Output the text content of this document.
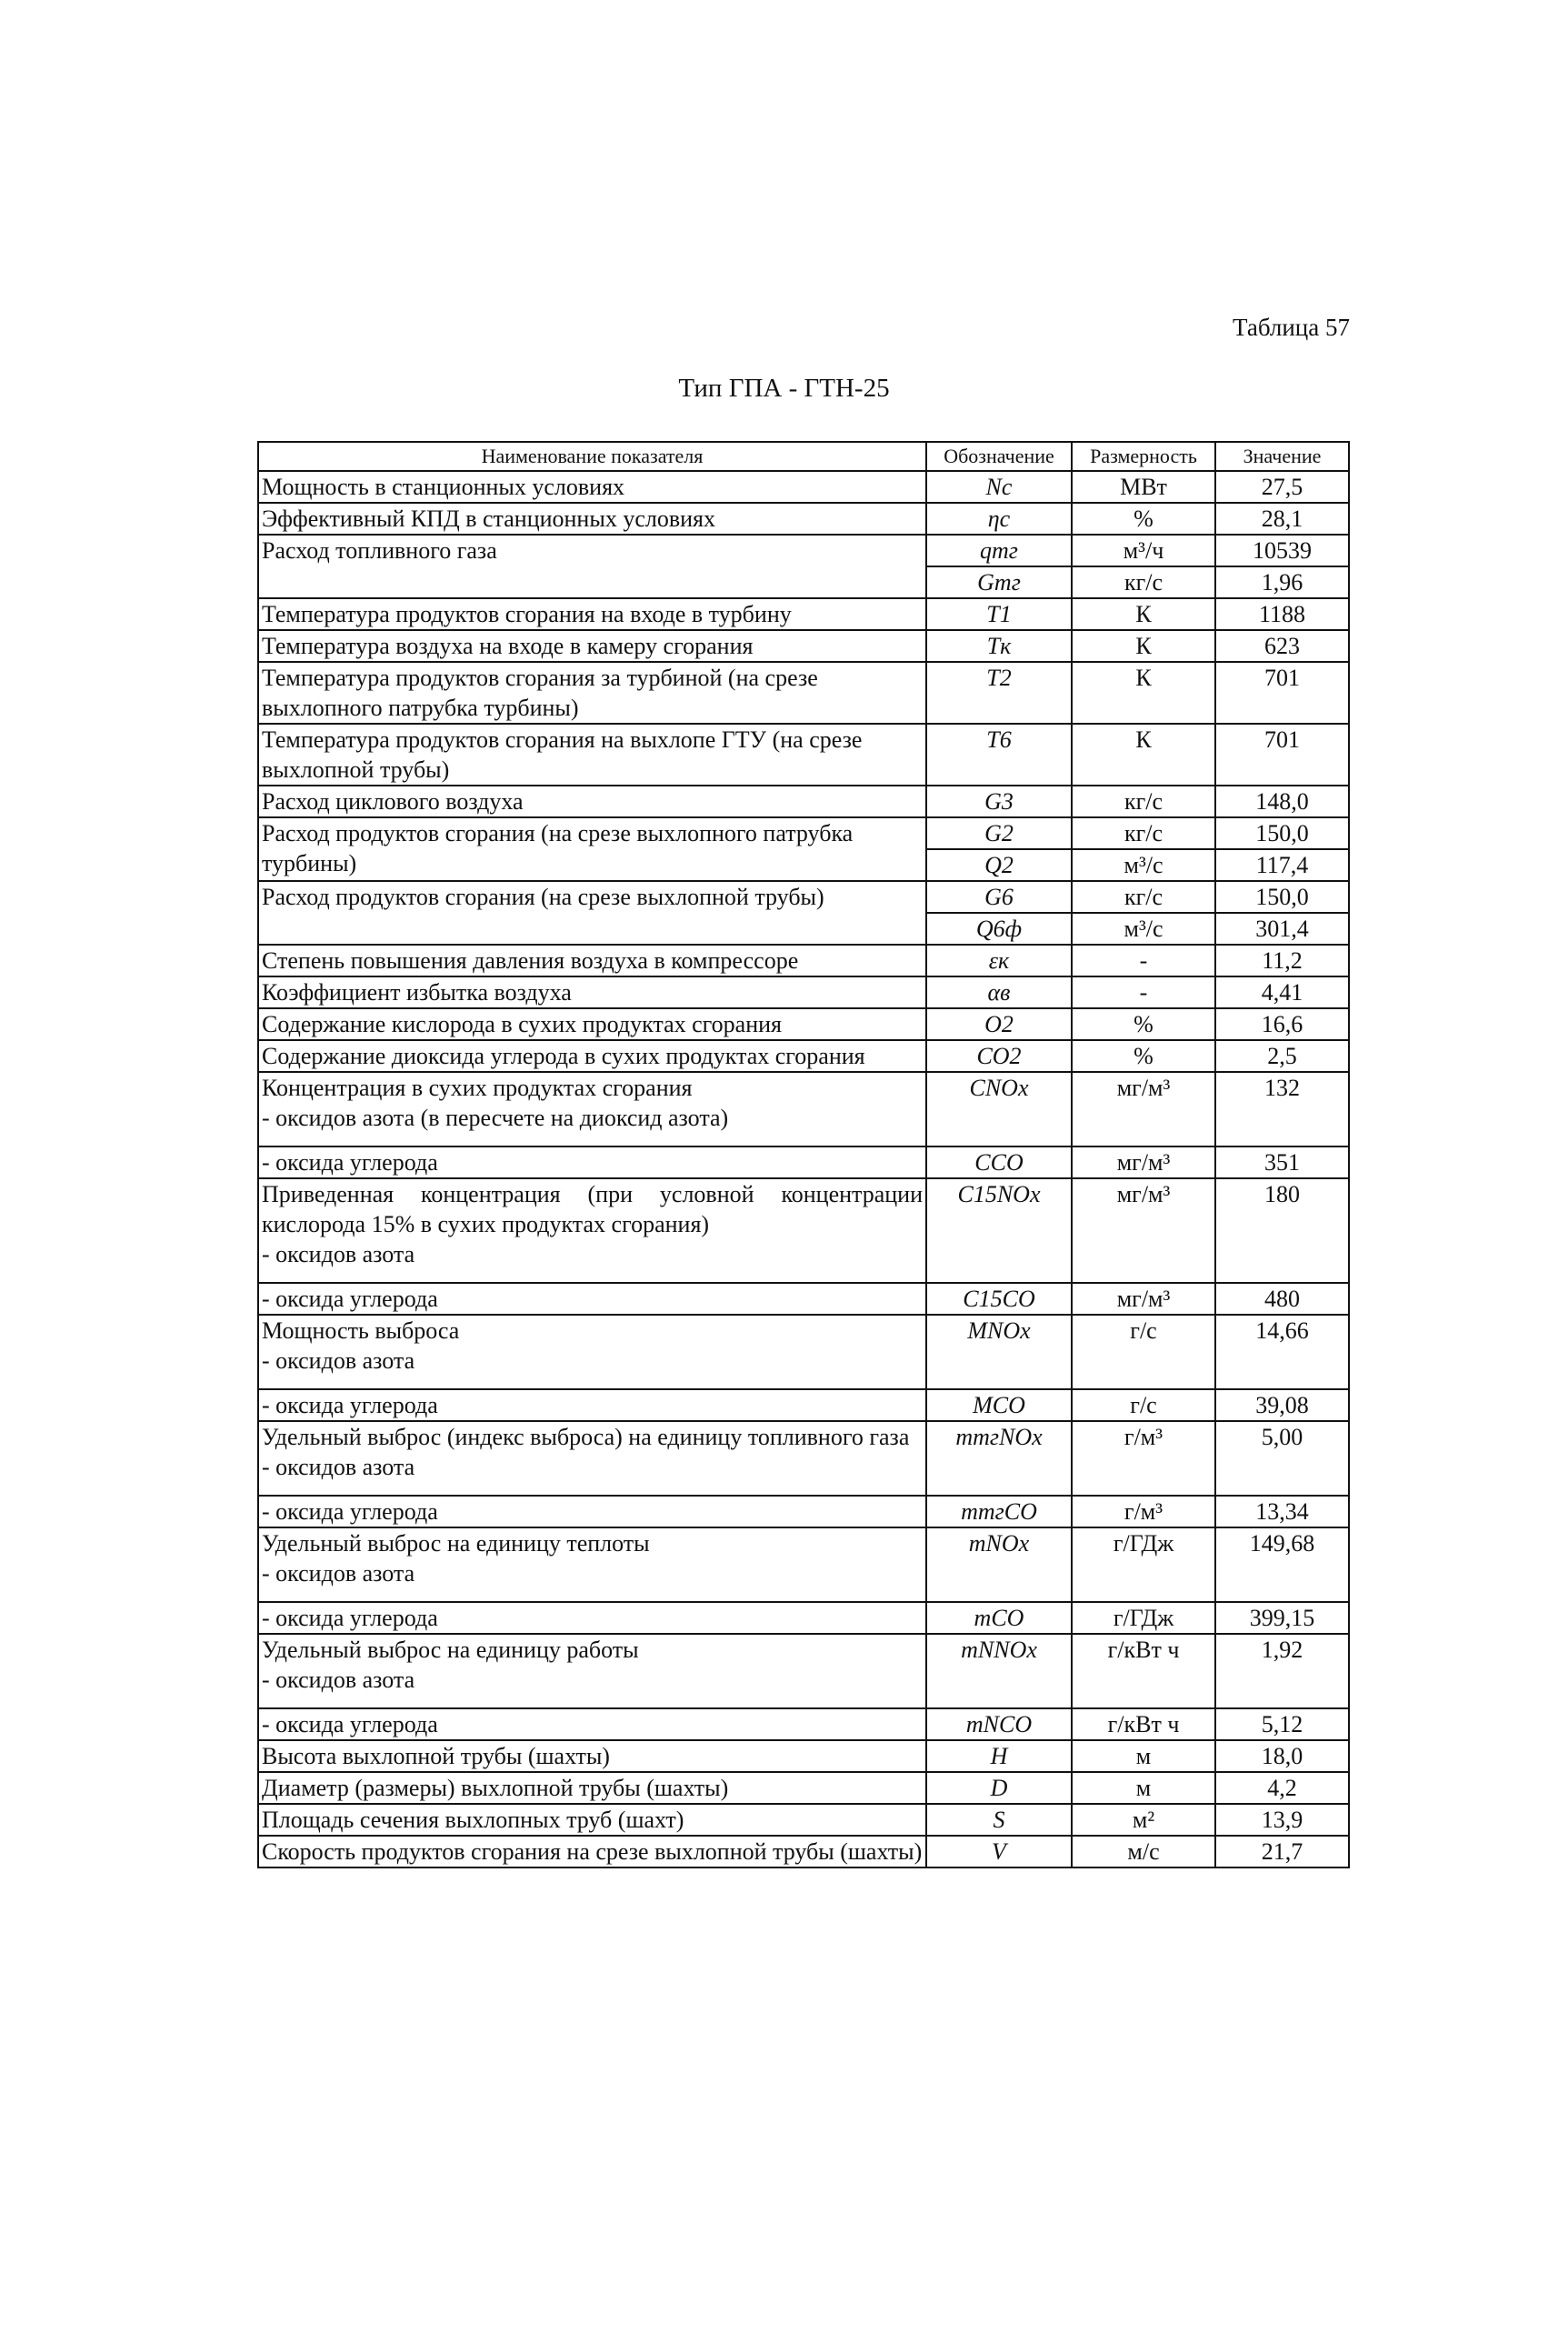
Таблица 57
Тип ГПА - ГТН-25
Наименование показателя	Обозначение	Размерность	Значение
Мощность в станционных условиях	Nс	МВт	27,5
Эффективный КПД в станционных условиях	ηс	%	28,1
Расход топливного газа	qтг	м³/ч	10539
	Gтг	кг/с	1,96
Температура продуктов сгорания на входе в турбину	T1	К	1188
Температура воздуха на входе в камеру сгорания	Tк	К	623
Температура продуктов сгорания за турбиной (на срезе выхлопного патрубка турбины)	T2	К	701
Температура продуктов сгорания на выхлопе ГТУ (на срезе выхлопной трубы)	T6	К	701
Расход циклового воздуха	G3	кг/с	148,0
Расход продуктов сгорания (на срезе выхлопного патрубка турбины)	G2	кг/с	150,0
	Q2	м³/с	117,4
Расход продуктов сгорания (на срезе выхлопной трубы)	G6	кг/с	150,0
	Q6ф	м³/с	301,4
Степень повышения давления воздуха в компрессоре	εк	-	11,2
Коэффициент избытка воздуха	αв	-	4,41
Содержание кислорода в сухих продуктах сгорания	O2	%	16,6
Содержание диоксида углерода в сухих продуктах сгорания	CO2	%	2,5

Концентрация в сухих продуктах сгорания
- оксидов азота (в пересчете на диоксид азота)	CNOx	мг/м³	132
- оксида углерода	CCO	мг/м³	351

Приведенная концентрация (при условной концентрации кислорода 15% в сухих продуктах сгорания)
- оксидов азота	C15NOx	мг/м³	180
- оксида углерода	C15CO	мг/м³	480

Мощность выброса
- оксидов азота	MNOx	г/с	14,66
- оксида углерода	MCO	г/с	39,08

Удельный выброс (индекс выброса) на единицу топливного газа
- оксидов азота	mтгNOx	г/м³	5,00
- оксида углерода	mтгCO	г/м³	13,34

Удельный выброс на единицу теплоты
- оксидов азота	mNOx	г/ГДж	149,68
- оксида углерода	mCO	г/ГДж	399,15

Удельный выброс на единицу работы
- оксидов азота	mNNOx	г/кВт ч	1,92
- оксида углерода	mNCO	г/кВт ч	5,12
Высота выхлопной трубы (шахты)	H	м	18,0
Диаметр (размеры) выхлопной трубы (шахты)	D	м	4,2
Площадь сечения выхлопных труб (шахт)	S	м²	13,9
Скорость продуктов сгорания на срезе выхлопной трубы (шахты)	V	м/с	21,7
